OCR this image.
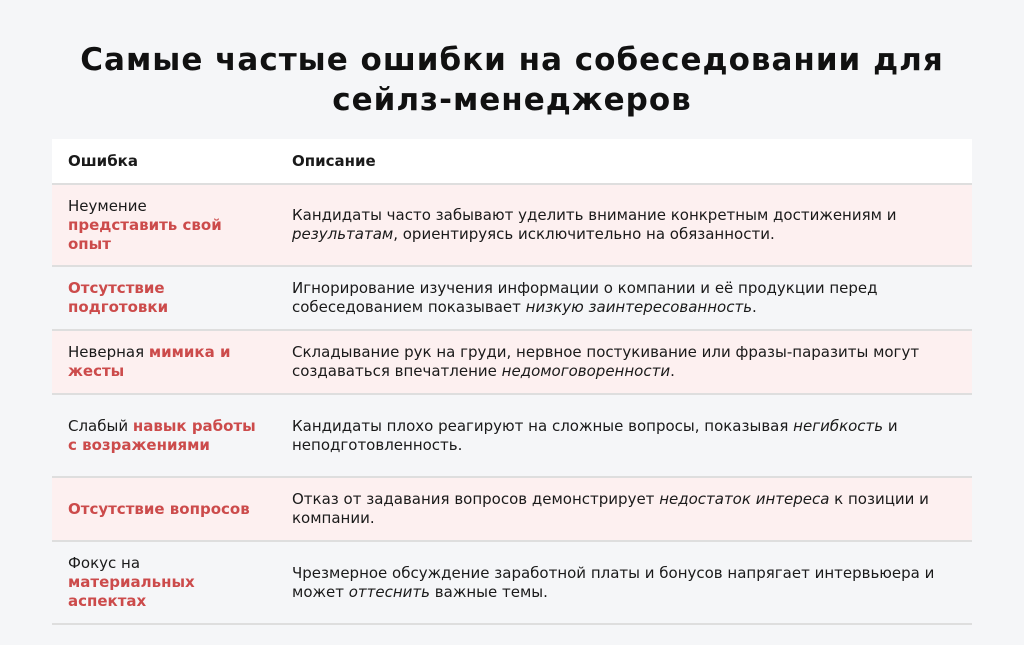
Самые частые ошибки на собеседовании для
сейлз-менеджеров
Ошибка	Описание
Неумение представить свой опыт	Кандидаты часто забывают уделить внимание конкретным достижениям и результатам, ориентируясь исключительно на обязанности.
Отсутствие подготовки	Игнорирование изучения информации о компании и её продукции перед собеседованием показывает низкую заинтересованность.
Неверная мимика и жесты	Складывание рук на груди, нервное постукивание или фразы-паразиты могут создаваться впечатление недомоговоренности.
Слабый навык работы с возражениями	Кандидаты плохо реагируют на сложные вопросы, показывая негибкость и неподготовленность.
Отсутствие вопросов	Отказ от задавания вопросов демонстрирует недостаток интереса к позиции и компании.
Фокус на материальных аспектах	Чрезмерное обсуждение заработной платы и бонусов напрягает интервьюера и может оттеснить важные темы.
